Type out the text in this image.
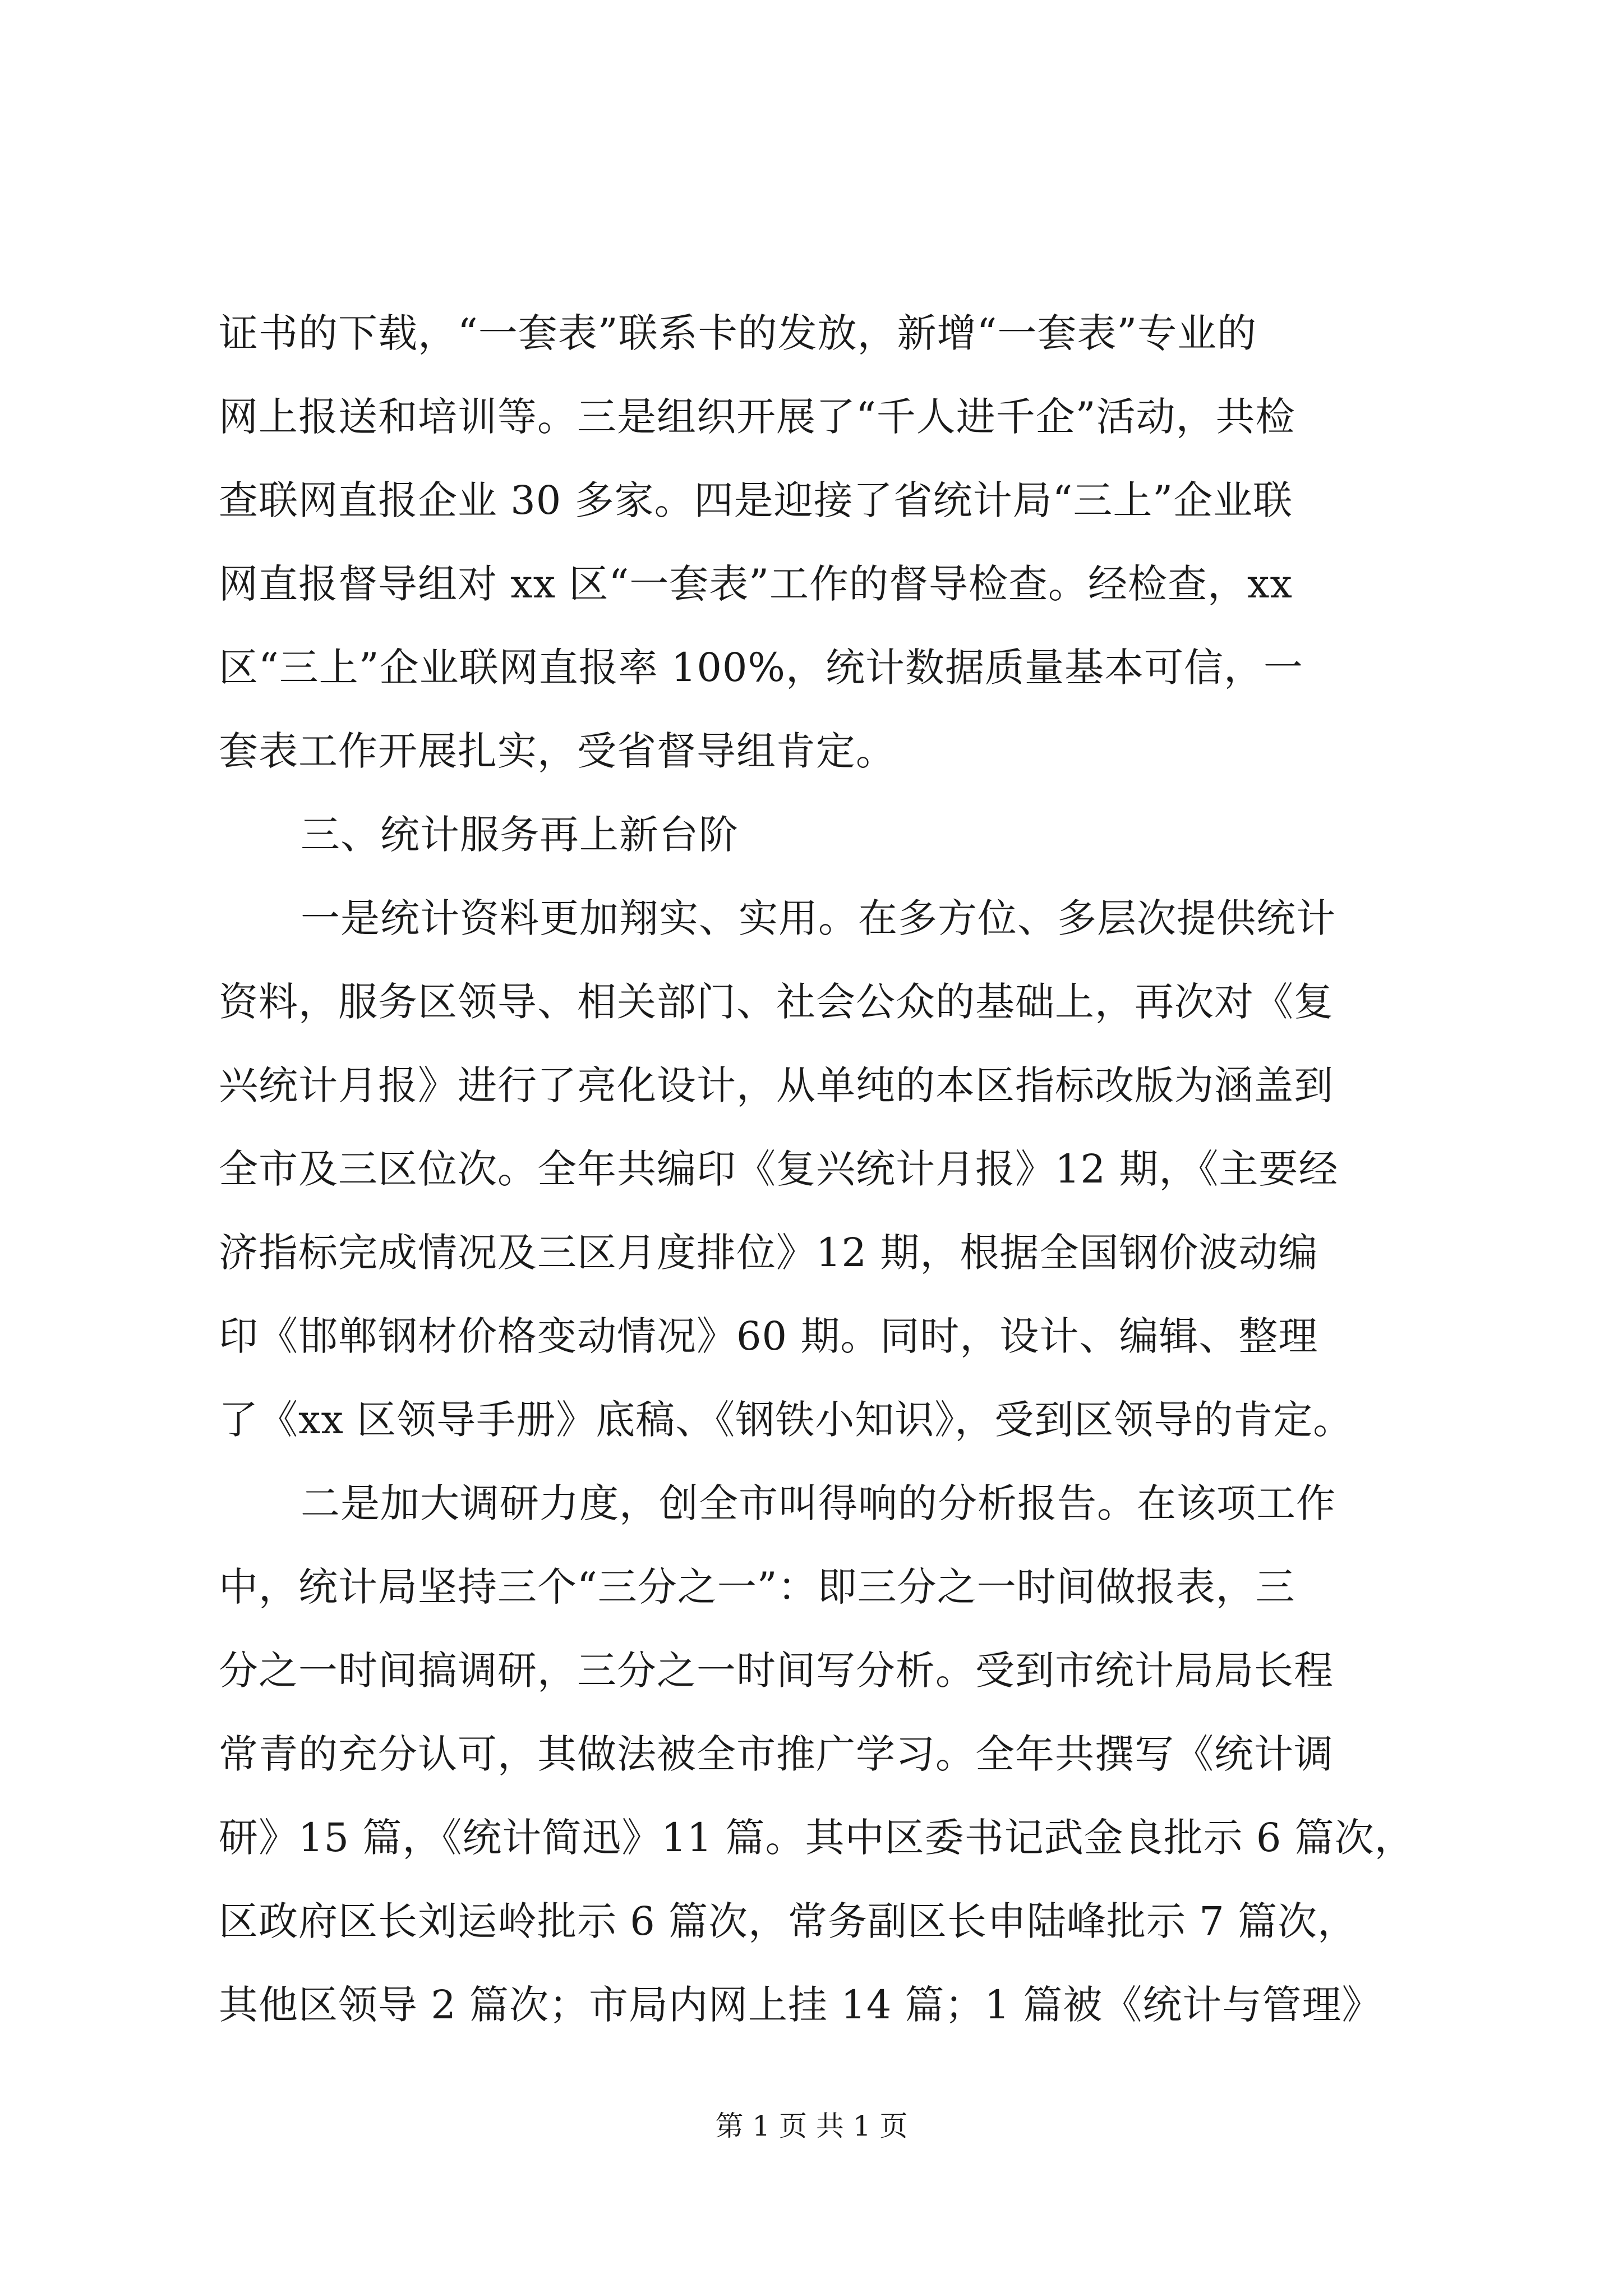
证书的下载，“一套表”联系卡的发放，新增“一套表”专业的
网上报送和培训等。三是组织开展了“千人进千企”活动，共检
查联网直报企业 30 多家。四是迎接了省统计局“三上”企业联
网直报督导组对 xx 区“一套表”工作的督导检查。经检查，xx
区“三上”企业联网直报率 100%，统计数据质量基本可信，一
套表工作开展扎实，受省督导组肯定。
三、统计服务再上新台阶
一是统计资料更加翔实、实用。在多方位、多层次提供统计
资料，服务区领导、相关部门、社会公众的基础上，再次对《复
兴统计月报》进行了亮化设计，从单纯的本区指标改版为涵盖到
全市及三区位次。全年共编印《复兴统计月报》12 期，《主要经
济指标完成情况及三区月度排位》12 期，根据全国钢价波动编
印《邯郸钢材价格变动情况》60 期。同时，设计、编辑、整理
了《xx 区领导手册》底稿、《钢铁小知识》，受到区领导的肯定。
二是加大调研力度，创全市叫得响的分析报告。在该项工作
中，统计局坚持三个“三分之一”：即三分之一时间做报表，三
分之一时间搞调研，三分之一时间写分析。受到市统计局局长程
常青的充分认可，其做法被全市推广学习。全年共撰写《统计调
研》15 篇，《统计简迅》11 篇。其中区委书记武金良批示 6 篇次，
区政府区长刘运岭批示 6 篇次，常务副区长申陆峰批示 7 篇次，
其他区领导 2 篇次；市局内网上挂 14 篇；1 篇被《统计与管理》
第 1 页 共 1 页
